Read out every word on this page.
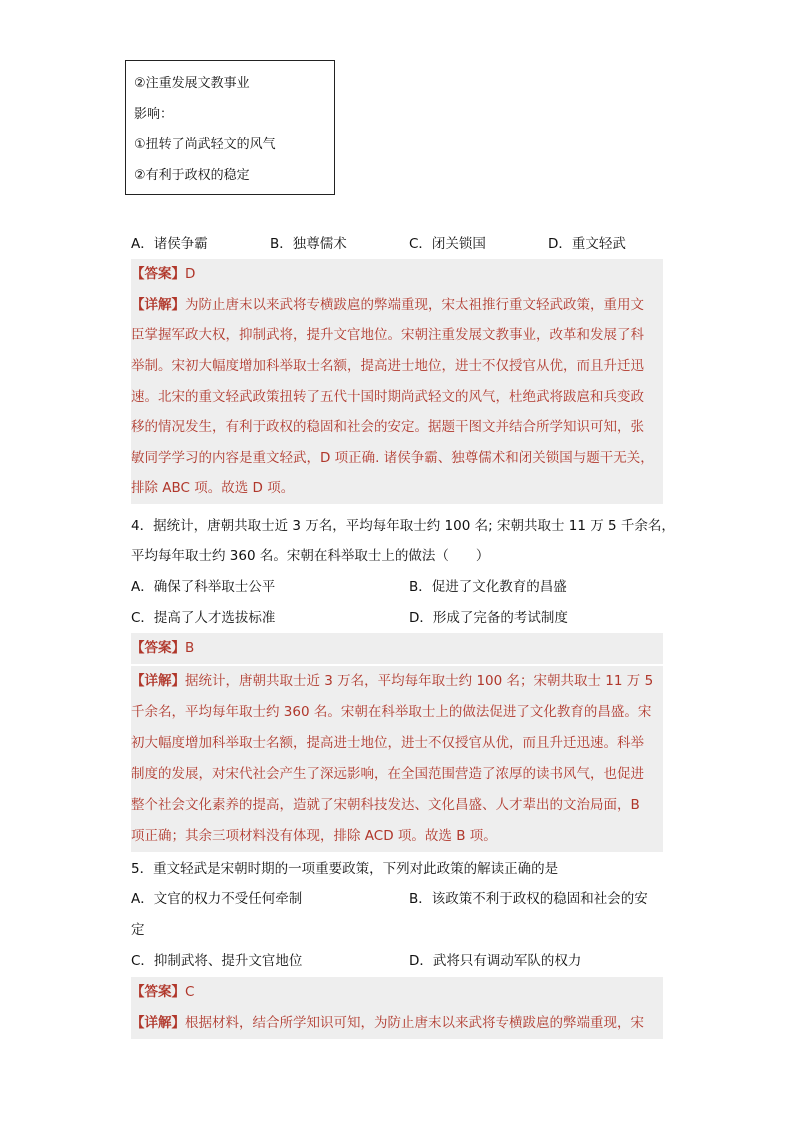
②注重发展文教事业
影响：
①扭转了尚武轻文的风气
②有利于政权的稳定
A．诸侯争霸	B．独尊儒术	C．闭关锁国	D．重文轻武
【答案】D
【详解】为防止唐末以来武将专横跋扈的弊端重现，宋太祖推行重文轻武政策，重用文
臣掌握军政大权，抑制武将，提升文官地位。宋朝注重发展文教事业，改革和发展了科
举制。宋初大幅度增加科举取士名额，提高进士地位，进士不仅授官从优，而且升迁迅
速。北宋的重文轻武政策扭转了五代十国时期尚武轻文的风气，杜绝武将跋扈和兵变政
移的情况发生，有利于政权的稳固和社会的安定。据题干图文并结合所学知识可知，张
敏同学学习的内容是重文轻武，D 项正确. 诸侯争霸、独尊儒术和闭关锁国与题干无关，
排除 ABC 项。故选 D 项。
4．据统计，唐朝共取士近 3 万名，平均每年取士约 100 名; 宋朝共取士 11 万 5 千余名，
平均每年取士约 360 名。宋朝在科举取士上的做法（　　）
A．确保了科举取士公平	B．促进了文化教育的昌盛
C．提高了人才选拔标准	D．形成了完备的考试制度
【答案】B
【详解】据统计，唐朝共取士近 3 万名，平均每年取士约 100 名；宋朝共取士 11 万 5
千余名，平均每年取士约 360 名。宋朝在科举取士上的做法促进了文化教育的昌盛。宋
初大幅度增加科举取士名额，提高进士地位，进士不仅授官从优，而且升迁迅速。科举
制度的发展，对宋代社会产生了深远影响，在全国范围营造了浓厚的读书风气，也促进
整个社会文化素养的提高，造就了宋朝科技发达、文化昌盛、人才辈出的文治局面，B
项正确；其余三项材料没有体现，排除 ACD 项。故选 B 项。
5．重文轻武是宋朝时期的一项重要政策，下列对此政策的解读正确的是
A．文官的权力不受任何牵制	B．该政策不利于政权的稳固和社会的安
定
C．抑制武将、提升文官地位	D．武将只有调动军队的权力
【答案】C
【详解】根据材料，结合所学知识可知，为防止唐末以来武将专横跋扈的弊端重现，宋
